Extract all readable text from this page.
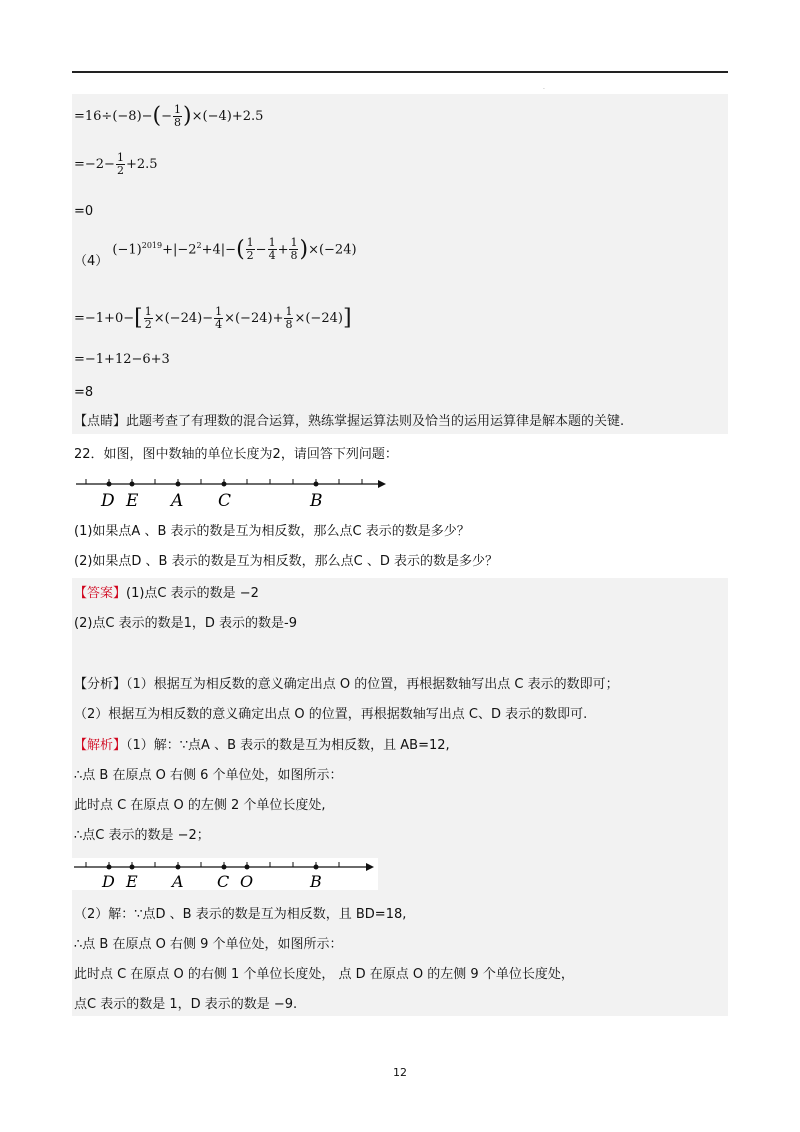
.
$=16\div(-8)-(- \frac{1}{8} )\times(-4)+2.5$
$=-2- \frac{1}{2} +2.5$
=0
（4） $(-1)^{2019}+|-2^2+4|-( \frac{1}{2} - \frac{1}{4} + \frac{1}{8} )\times(-24)$
$=-1+0-[ \frac{1}{2} \times(-24)- \frac{1}{4} \times(-24)+ \frac{1}{8} \times(-24)]$
=−1+12−6+3
=8
【点睛】此题考查了有理数的混合运算，熟练掌握运算法则及恰当的运用运算律是解本题的关键.
22．如图，图中数轴的单位长度为2，请回答下列问题：
D E A C	B
(1)如果点A 、B 表示的数是互为相反数，那么点C 表示的数是多少？
(2)如果点D 、B 表示的数是互为相反数，那么点C 、D 表示的数是多少？
【答案】(1)点C 表示的数是 −2
(2)点C 表示的数是1，D 表示的数是-9
【分析】（1）根据互为相反数的意义确定出点 O 的位置，再根据数轴写出点 C 表示的数即可；
（2）根据互为相反数的意义确定出点 O 的位置，再根据数轴写出点 C、D 表示的数即可.
【解析】（1）解：∵点A 、B 表示的数是互为相反数，且 AB=12,
∴点 B 在原点 O 右侧 6 个单位处，如图所示：
此时点 C 在原点 O 的左侧 2 个单位长度处,
∴点C 表示的数是 −2；
D E A C O	B
（2）解：∵点D 、B 表示的数是互为相反数，且 BD=18,
∴点 B 在原点 O 右侧 9 个单位处，如图所示：
此时点 C 在原点 O 的右侧 1 个单位长度处， 点 D 在原点 O 的左侧 9 个单位长度处，
点C 表示的数是 1，D 表示的数是 −9.
12
